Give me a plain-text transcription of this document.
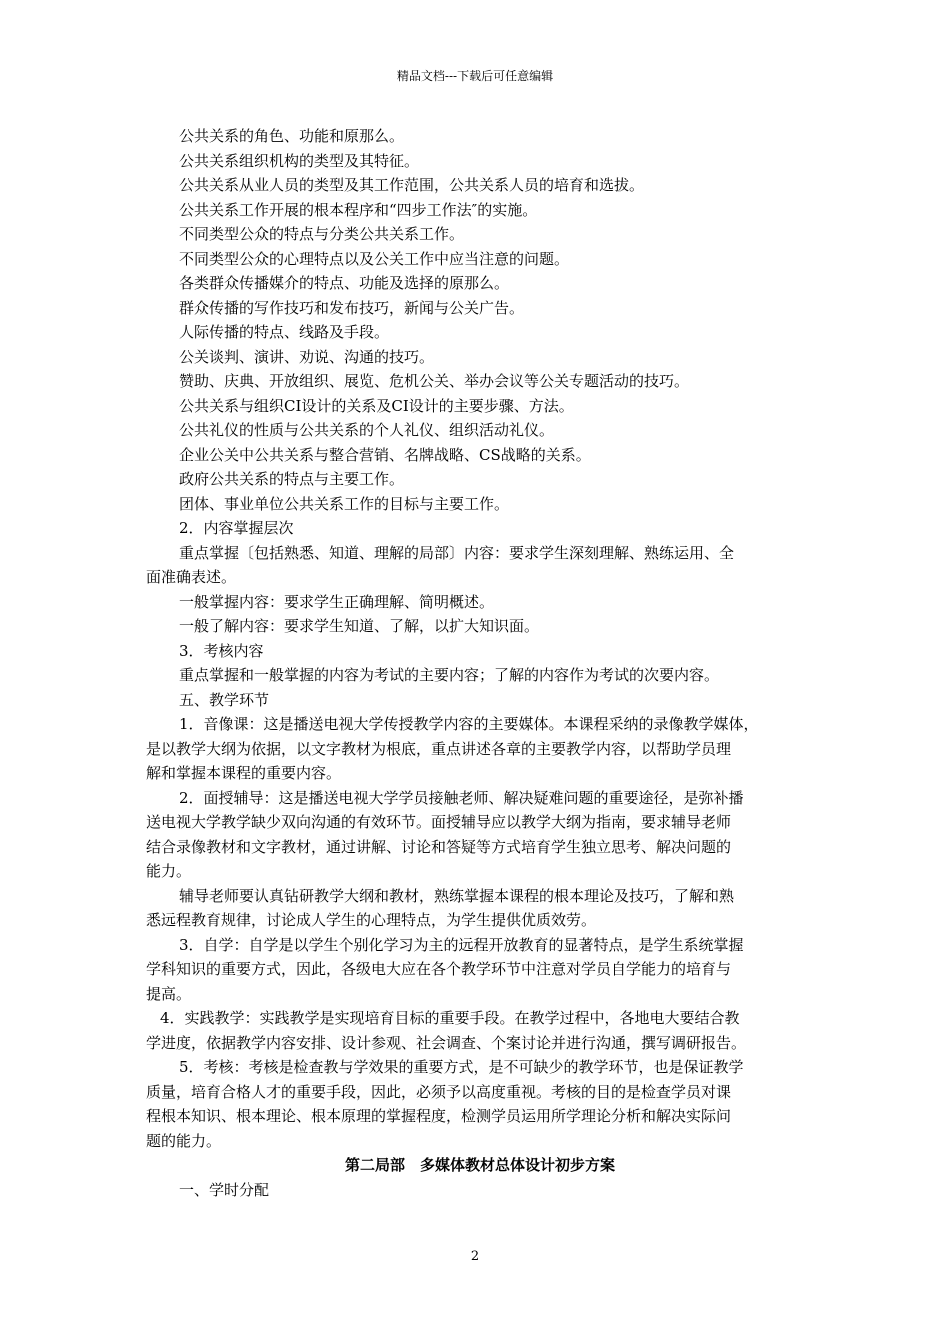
精品文档---下载后可任意编辑
公共关系的角色、功能和原那么。
公共关系组织机构的类型及其特征。
公共关系从业人员的类型及其工作范围，公共关系人员的培育和选拔。
公共关系工作开展的根本程序和“四步工作法″的实施。
不同类型公众的特点与分类公共关系工作。
不同类型公众的心理特点以及公关工作中应当注意的问题。
各类群众传播媒介的特点、功能及选择的原那么。
群众传播的写作技巧和发布技巧，新闻与公关广告。
人际传播的特点、线路及手段。
公关谈判、演讲、劝说、沟通的技巧。
赞助、庆典、开放组织、展览、危机公关、举办会议等公关专题活动的技巧。
公共关系与组织CI设计的关系及CI设计的主要步骤、方法。
公共礼仪的性质与公共关系的个人礼仪、组织活动礼仪。
企业公关中公共关系与整合营销、名牌战略、CS战略的关系。
政府公共关系的特点与主要工作。
团体、事业单位公共关系工作的目标与主要工作。
2．内容掌握层次
重点掌握〔包括熟悉、知道、理解的局部〕内容：要求学生深刻理解、熟练运用、全
面准确表述。
一般掌握内容：要求学生正确理解、简明概述。
一般了解内容：要求学生知道、了解，以扩大知识面。
3．考核内容
重点掌握和一般掌握的内容为考试的主要内容；了解的内容作为考试的次要内容。
五、教学环节
1．音像课：这是播送电视大学传授教学内容的主要媒体。本课程采纳的录像教学媒体，
是以教学大纲为依据，以文字教材为根底，重点讲述各章的主要教学内容，以帮助学员理
解和掌握本课程的重要内容。
2．面授辅导：这是播送电视大学学员接触老师、解决疑难问题的重要途径，是弥补播
送电视大学教学缺少双向沟通的有效环节。面授辅导应以教学大纲为指南，要求辅导老师
结合录像教材和文字教材，通过讲解、讨论和答疑等方式培育学生独立思考、解决问题的
能力。
辅导老师要认真钻研教学大纲和教材，熟练掌握本课程的根本理论及技巧，了解和熟
悉远程教育规律，讨论成人学生的心理特点，为学生提供优质效劳。
3．自学：自学是以学生个别化学习为主的远程开放教育的显著特点，是学生系统掌握
学科知识的重要方式，因此，各级电大应在各个教学环节中注意对学员自学能力的培育与
提高。
4．实践教学：实践教学是实现培育目标的重要手段。在教学过程中，各地电大要结合教
学进度，依据教学内容安排、设计参观、社会调查、个案讨论并进行沟通，撰写调研报告。
5．考核：考核是检查教与学效果的重要方式，是不可缺少的教学环节，也是保证教学
质量，培育合格人才的重要手段，因此，必须予以高度重视。考核的目的是检查学员对课
程根本知识、根本理论、根本原理的掌握程度，检测学员运用所学理论分析和解决实际问
题的能力。
第二局部　多媒体教材总体设计初步方案
一、学时分配
2
